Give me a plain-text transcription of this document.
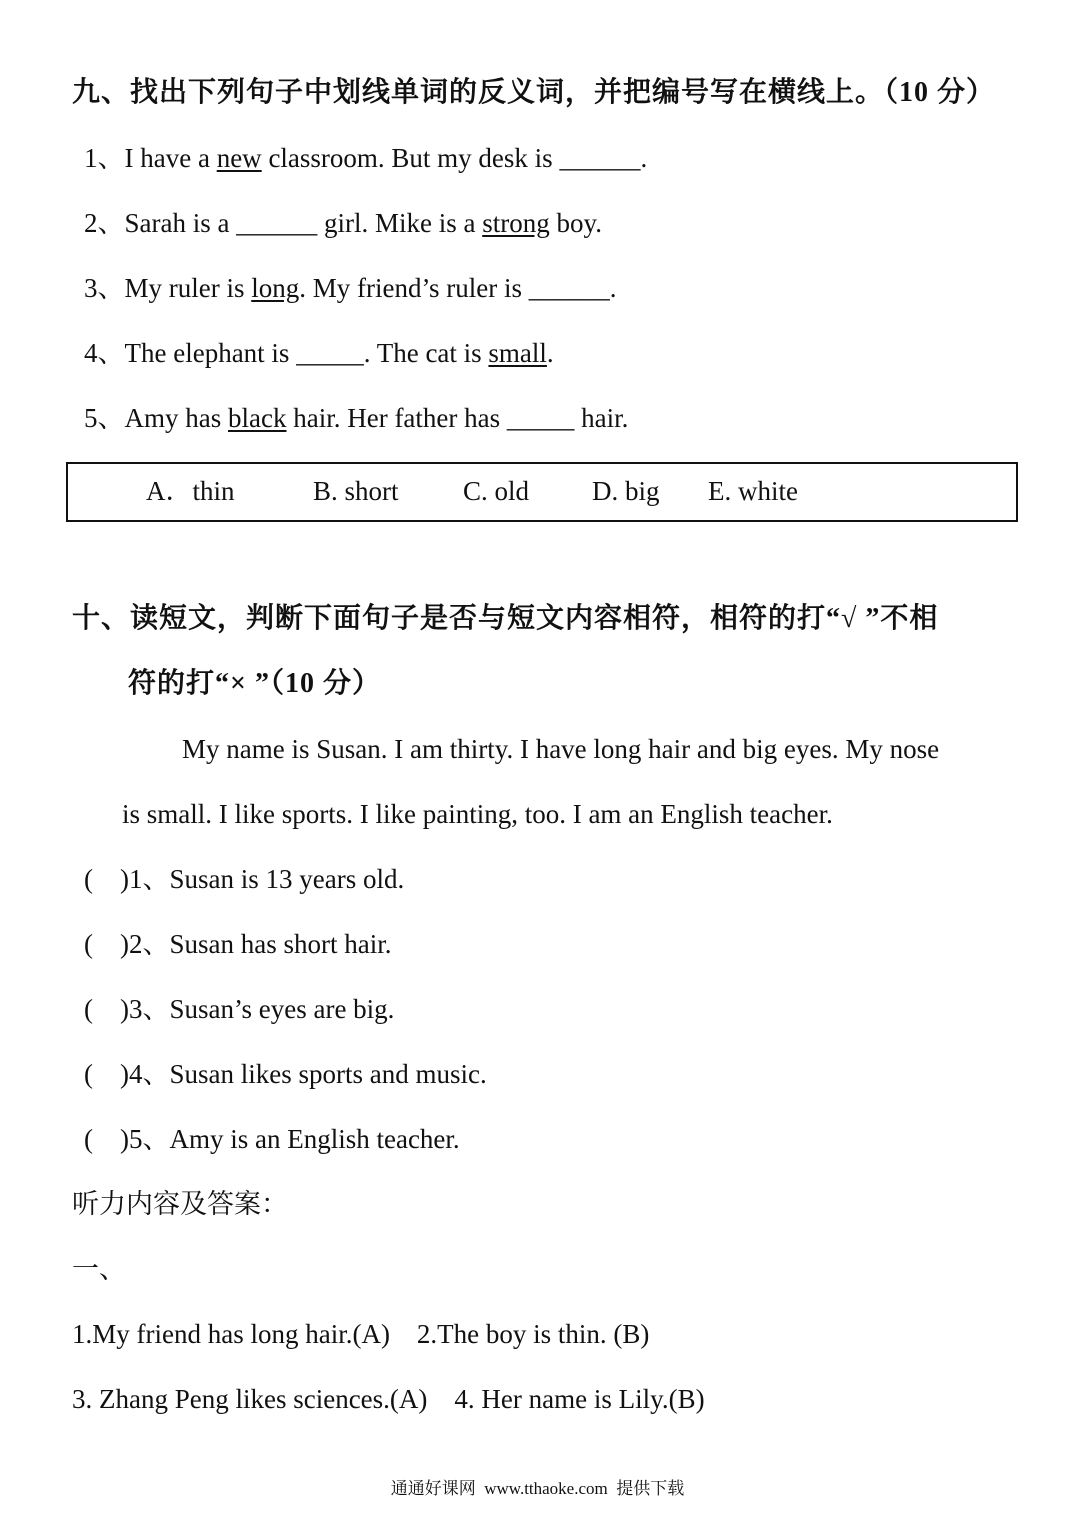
九、找出下列句子中划线单词的反义词，并把编号写在横线上。（10 分）
1、I have a new classroom. But my desk is ______.
2、Sarah is a ______ girl. Mike is a strong boy.
3、My ruler is long. My friend’s ruler is ______.
4、The elephant is _____. The cat is small.
5、Amy has black hair. Her father has _____ hair.
A．thin	B. short C. old D. big E. white
十、读短文，判断下面句子是否与短文内容相符，相符的打“√ ”不相
符的打“× ”（10 分）
My name is Susan. I am thirty. I have long hair and big eyes. My nose
is small. I like sports. I like painting, too. I am an English teacher.
(    )1、Susan is 13 years old.
(    )2、Susan has short hair.
(    )3、Susan’s eyes are big.
(    )4、Susan likes sports and music.
(    )5、Amy is an English teacher.
听力内容及答案：
一、
1.My friend has long hair.(A)    2.The boy is thin. (B)
3. Zhang Peng likes sciences.(A)    4. Her name is Lily.(B)
通通好课网  www.tthaoke.com  提供下载
